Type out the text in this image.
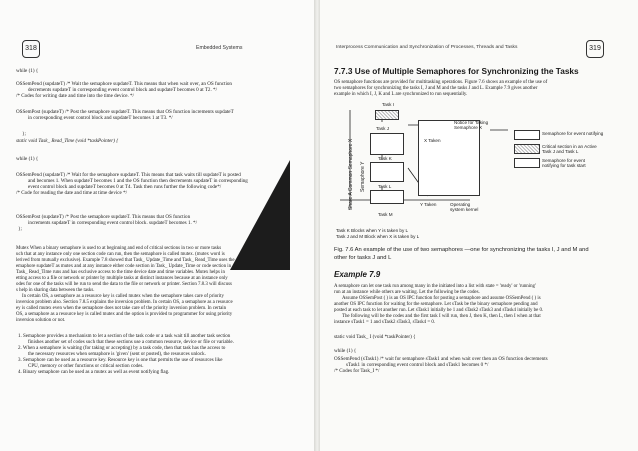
318	Embedded Systems
while (1) {
OSSemPend (supdateT) /* Wait the semaphore supdateT. This means that when wait over, an OS function
decrements supdateT in corresponding event control block and supdateT becomes 0 at T2. */
/* Codes for writing date and time into the time device. */
OSSemPost (supdateT) /* Post the semaphore supdateT. This means that OS function increments supdateT
in corresponding event control block and supdateT becomes 1 at T3. */
};
static void Task_ Read_Time (void *taskPointer) {
while (1) {
OSSemPend (supdateT) /* Wait for the semaphore supdateT. This means that task waits till supdateT is posted
and becomes 1. When supdateT becomes 1 and the OS function then decrements supdateT in corresponding
event control block and supdateT becomes 0 at T4. Task then runs further the following code*/
/* Code for reading the date and time at time device */
OSSemPost (supdateT) /* Post the semaphore supdateT. This means that OS function
increments supdateT in corresponding event control block. supdateT becomes 1. */
};
Mutex When a binary semaphore is used to at beginning and end of critical sections in two or more tasks
uch that at any instance only one section code can run, then the semaphore is called mutex. (mutex word is
lerived from mutually exclusive). Example 7.8 showed that Task_ Update_Time and Task_ Read_Time uses the
emaphore supdateT as mutex and at any instance either code section in Task_ Update_Time or code section in
Task_ Read_Time runs and has exclusive access to the time device date and time variables. Mutex helps in
etting access to a file or network or printer by multiple tasks at distinct instances because at an instance only
odes for one of the tasks will be run to send the data to the file or network or printer. Section 7.8.3 will discuss
s help in sharing data between the tasks.
In certain OS, a semaphore as a resource key is called mutex when the semaphore takes care of priority
inversion problem also. Section 7.8.5 explains the inversion problem. In certain OS, a semaphore as a resource
ey is called mutex even when the semaphore does not take care of the priority inversion problem. In certain
OS, a semaphore as a resource key is called mutex and the option is provided to programmer for using priority
inversion solution or not.
1. Semaphore provides a mechanism to let a section of the task code or a task wait till another task section
finishes another set of codes such that these sections use a common resource, device or file or variable.
2. When a semaphore is waiting (for taking or accepting) by a task code, then that task has the access to
the necessary resources when semaphore is 'given' (sent or posted), the resources unlock.
3. Semaphore can be used as a resource key. Resource key is one that permits the use of resources like
CPU, memory or other functions or critical section codes.
4. Binary semaphore can be used as a mutex as well as event notifying flag.
Interprocess Communication and Synchronization of Processes, Threads and Tasks	319
7.7.3 Use of Multiple Semaphores for Synchronizing the Tasks
OS semaphore functions are provided for multitasking operations. Figure 7.6 shows an example of the use of
two semaphores for synchronizing the tasks I, J and M and the tasks J and L. Example 7.9 gives another
example in which I, J, K and L are synchronized to run sequentially.
Task I
Task J
Task K
Task L
Task M
X Taken
Y Taken	Operating system kernel
Notice for Taking Semaphore X
Share A Common Semaphore X Semaphore Y
Semaphore for event notifying
Critical section in an Active Task J and Task L
Semaphore for event notifying for task start
Task K Blocks when Y is taken by L
Task J and M Block when X is taken by L
Fig. 7.6 An example of the use of two semaphores —one for synchronizing the tasks I, J and M and other for tasks J and L
Example 7.9
A semaphore can let one task run among many in the initiated into a list with state = 'ready' or 'running'
run at an instance while others are waiting. Let the following be the codes.
Assume OSSemPost ( ) is an OS IPC function for posting a semaphore and assume OSSemPend ( ) is
another OS IPC function for waiting for the semaphore. Let sTask be the binary semaphore pending and
posted at each task to let another run. Let sTask1 initially be 1 and sTask2 sTask3 and sTask4 initially be 0.
The following will be the codes and the first task I will run, then J, then K, then L, then I when at that
instance sTask1 = 1 and sTask2 sTask3, sTask4 = 0.
static void Task_ I (void *taskPointer) {
while (1) {
OSSemPend (sTask1) /* wait for semaphore sTask1 and when wait over then an OS function decrements
sTask1 in corresponding event control block and sTask1 becomes 0 */
/* Codes for Task_I */
